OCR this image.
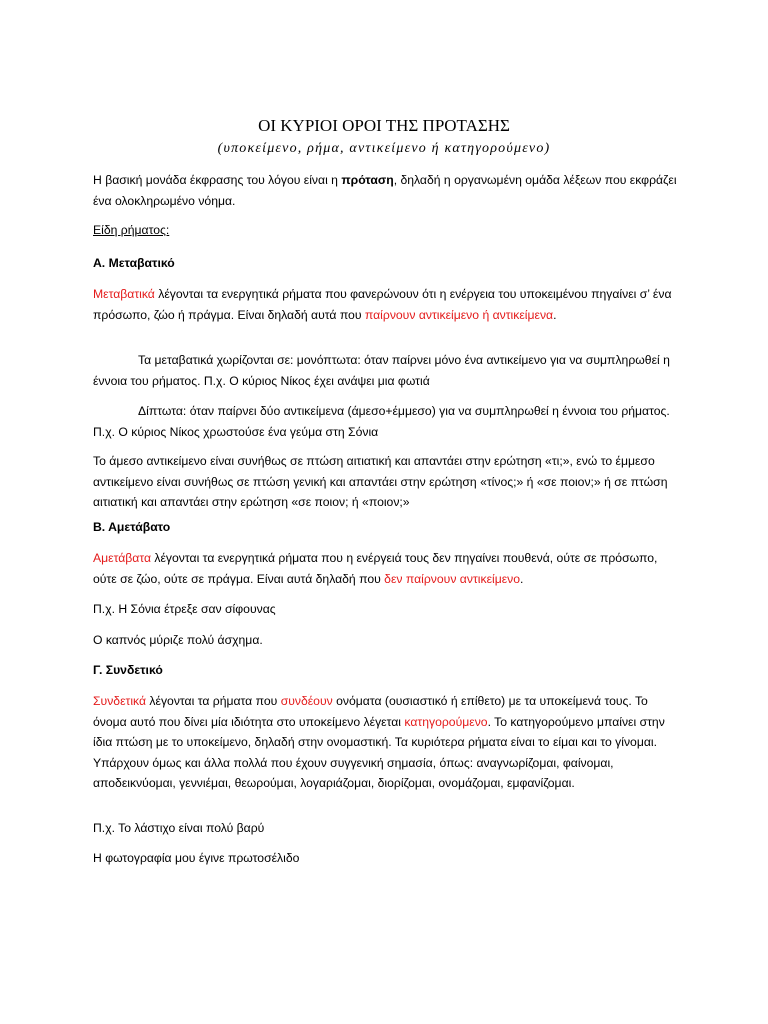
ΟΙ ΚΥΡΙΟΙ ΟΡΟΙ ΤΗΣ ΠΡΟΤΑΣΗΣ
(υποκείμενο, ρήμα, αντικείμενο ή κατηγορούμενο)

Η βασική μονάδα έκφρασης του λόγου είναι η πρόταση, δηλαδή η οργανωμένη ομάδα λέξεων που εκφράζει ένα ολοκληρωμένο νόημα.

Είδη ρήματος:

Α. Μεταβατικό

Μεταβατικά λέγονται τα ενεργητικά ρήματα που φανερώνουν ότι η ενέργεια του υποκειμένου πηγαίνει σ’ ένα πρόσωπο, ζώο ή πράγμα. Είναι δηλαδή αυτά που παίρνουν αντικείμενο ή αντικείμενα.

Τα μεταβατικά χωρίζονται σε: μονόπτωτα: όταν παίρνει μόνο ένα αντικείμενο για να συμπληρωθεί η έννοια του ρήματος. Π.χ. Ο κύριος Νίκος έχει ανάψει μια φωτιά

Δίπτωτα: όταν παίρνει δύο αντικείμενα (άμεσο+έμμεσο) για να συμπληρωθεί η έννοια του ρήματος. Π.χ. Ο κύριος Νίκος χρωστούσε ένα γεύμα στη Σόνια

Το άμεσο αντικείμενο είναι συνήθως σε πτώση αιτιατική και απαντάει στην ερώτηση «τι;», ενώ το έμμεσο αντικείμενο είναι συνήθως σε πτώση γενική και απαντάει στην ερώτηση «τίνος;» ή «σε ποιον;» ή σε πτώση αιτιατική και απαντάει στην ερώτηση «σε ποιον; ή «ποιον;»

Β. Αμετάβατο

Αμετάβατα λέγονται τα ενεργητικά ρήματα που η ενέργειά τους δεν πηγαίνει πουθενά, ούτε σε πρόσωπο, ούτε σε ζώο, ούτε σε πράγμα. Είναι αυτά δηλαδή που δεν παίρνουν αντικείμενο.

Π.χ. Η Σόνια έτρεξε σαν σίφουνας

Ο καπνός μύριζε πολύ άσχημα.

Γ. Συνδετικό

Συνδετικά λέγονται τα ρήματα που συνδέουν ονόματα (ουσιαστικό ή επίθετο) με τα υποκείμενά τους. Το όνομα αυτό που δίνει μία ιδιότητα στο υποκείμενο λέγεται κατηγορούμενο. Το κατηγορούμενο μπαίνει στην ίδια πτώση με το υποκείμενο, δηλαδή στην ονομαστική. Τα κυριότερα ρήματα είναι το είμαι και το γίνομαι. Υπάρχουν όμως και άλλα πολλά που έχουν συγγενική σημασία, όπως: αναγνωρίζομαι, φαίνομαι, αποδεικνύομαι, γεννιέμαι, θεωρούμαι, λογαριάζομαι, διορίζομαι, ονομάζομαι, εμφανίζομαι.

Π.χ. Το λάστιχο είναι πολύ βαρύ

Η φωτογραφία μου έγινε πρωτοσέλιδο
